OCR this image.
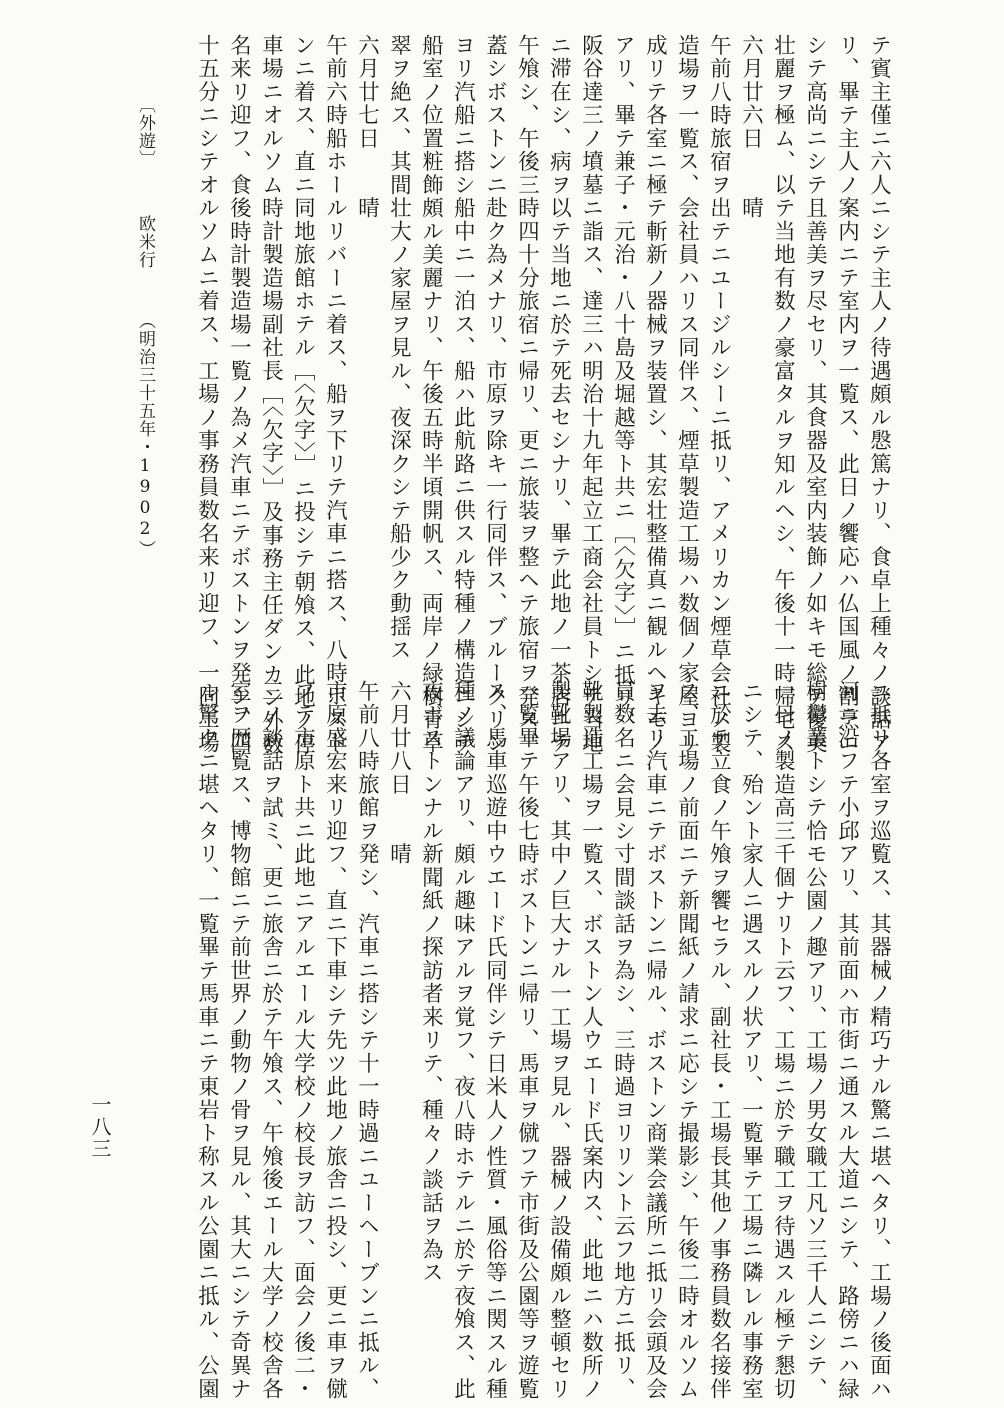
テ賓主僅ニ六人ニシテ主人ノ待遇頗ル慇篤ナリ、食卓上種々ノ談話ア
リ、畢テ主人ノ案内ニテ室内ヲ一覧ス、此日ノ饗応ハ仏国風ノ割烹ニ
シテ高尚ニシテ且善美ヲ尽セリ、其食器及室内装飾ノ如キモ総テ優美
壮麗ヲ極ム、以テ当地有数ノ豪富タルヲ知ルヘシ、午後十一時帰宅ス
六月廿六日　　晴
午前八時旅宿ヲ出テニユージルシーニ抵リ、アメリカン煙草会社ノ製
造場ヲ一覧ス、会社員ハリス同伴ス、煙草製造工場ハ数個ノ家屋ヨリ
成リテ各室ニ極テ斬新ノ器械ヲ装置シ、其宏壮整備真ニ観ルヘキモノ
アリ、畢テ兼子・元治・八十島及堀越等ト共ニ［〈欠字〉］ニ抵リ、
阪谷達三ノ墳墓ニ詣ス、達三ハ明治十九年起立工商会社員トシテ当地
ニ滞在シ、病ヲ以テ当地ニ於テ死去セシナリ、畢テ此地ノ一茶店ニテ
午飧シ、午後三時四十分旅宿ニ帰リ、更ニ旅装ヲ整ヘテ旅宿ヲ発ス、
蓋シボストンニ赴ク為メナリ、市原ヲ除キ一行同伴ス、ブルークリン
ヨリ汽船ニ搭シ船中ニ一泊ス、船ハ此航路ニ供スル特種ノ構造ニシテ
船室ノ位置粧飾頗ル美麗ナリ、午後五時半頃開帆ス、両岸ノ緑樹青草
翠ヲ絶ス、其間壮大ノ家屋ヲ見ル、夜深クシテ船少ク動揺ス
六月廿七日　　晴
午前六時船ホールリバーニ着ス、船ヲ下リテ汽車ニ搭ス、八時ボスト
ンニ着ス、直ニ同地旅館ホテル［〈欠字〉］ニ投シテ朝飧ス、此地ノ停
車場ニオルソム時計製造場副社長［〈欠字〉］及事務主任ダンカン外数
名来リ迎フ、食後時計製造場一覧ノ為メ汽車ニテボストンヲ発シ、四
十五分ニシテオルソムニ着ス、工場ノ事務員数名来リ迎フ、一同工場
〔外遊〕 欧米行 （明治三十五年・1902）
ニ抵リ各室ヲ巡覧ス、其器械ノ精巧ナル驚ニ堪ヘタリ、工場ノ後面ハ
河ニ沿フテ小邱アリ、其前面ハ市街ニ通スル大道ニシテ、路傍ニハ緑
樹鬱叢トシテ恰モ公園ノ趣アリ、工場ノ男女職工凡ソ三千人ニシテ、
一日ノ製造高三千個ナリト云フ、工場ニ於テ職工ヲ待遇スル極テ懇切
ニシテ、殆ント家人ニ遇スルノ状アリ、一覧畢テ工場ニ隣レル事務室
ニ於テ立食ノ午飧ヲ饗セラル、副社長・工場長其他ノ事務員数名接伴
ス、工場ノ前面ニテ新聞紙ノ請求ニ応シテ撮影シ、午後二時オルソム
ヲ去リ汽車ニテボストンニ帰ル、ボストン商業会議所ニ抵リ会頭及会
員数名ニ会見シ寸間談話ヲ為シ、三時過ヨリリント云フ地方ニ抵リ、
靴製造工場ヲ一覧ス、ボストン人ウエード氏案内ス、此地ニハ数所ノ
製靴場アリ、其中ノ巨大ナル一工場ヲ見ル、器械ノ設備頗ル整頓セリ
一覧畢テ午後七時ボストンニ帰リ、馬車ヲ僦フテ市街及公園等ヲ遊覧
ス、馬車巡遊中ウエード氏同伴シテ日米人ノ性質・風俗等ニ関スル種
種ノ議論アリ、頗ル趣味アルヲ覚フ、夜八時ホテルニ於テ夜飧ス、此
夜ボストンナル新聞紙ノ探訪者来リテ、種々ノ談話ヲ為ス
六月廿八日　　晴
午前八時旅館ヲ発シ、汽車ニ搭シテ十一時過ニユーヘーブンニ抵ル、
市原盛宏来リ迎フ、直ニ下車シテ先ツ此地ノ旅舎ニ投シ、更ニ車ヲ僦
フテ市原ト共ニ此地ニアルエール大学校ノ校長ヲ訪フ、面会ノ後二・
三ノ談話ヲ試ミ、更ニ旅舎ニ於テ午飧ス、午飧後エール大学ノ校舎各
室ヲ歴覧ス、博物館ニテ前世界ノ動物ノ骨ヲ見ル、其大ニシテ奇異ナ
ル驚クニ堪ヘタリ、一覧畢テ馬車ニテ東岩ト称スル公園ニ抵ル、公園
一八三
